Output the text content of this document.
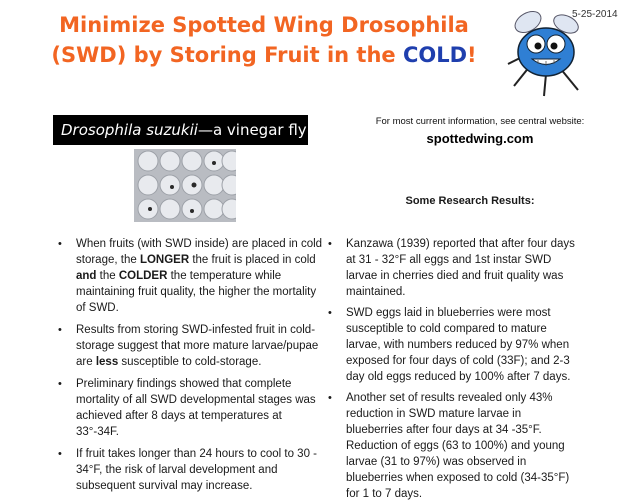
Minimize Spotted Wing Drosophila
(SWD) by Storing Fruit in the COLD!
5-25-2014
Drosophila suzukii—a vinegar fly	For most current information, see central website:
spottedwing.com
Some Research Results:
• When fruits (with SWD inside) are placed in cold storage, the LONGER the fruit is placed in cold and the COLDER the temperature while maintaining fruit quality, the higher the mortality of SWD.
• Results from storing SWD-infested fruit in cold-storage suggest that more mature larvae/pupae are less susceptible to cold-storage.
• Preliminary findings showed that complete mortality of all SWD developmental stages was achieved after 8 days at temperatures at 33°-34F.
• If fruit takes longer than 24 hours to cool to 30 - 34°F, the risk of larval development and subsequent survival may increase.
• Kanzawa (1939) reported that after four days at 31 - 32°F all eggs and 1st instar SWD larvae in cherries died and fruit quality was maintained.
• SWD eggs laid in blueberries were most susceptible to cold compared to mature larvae, with numbers reduced by 97% when exposed for four days of cold (33F); and 2-3 day old eggs reduced by 100% after 7 days.
• Another set of results revealed only 43% reduction in SWD mature larvae in blueberries after four days at 34 -35°F. Reduction of eggs (63 to 100%) and young larvae (31 to 97%) was observed in blueberries when exposed to cold (34-35°F) for 1 to 7 days.
